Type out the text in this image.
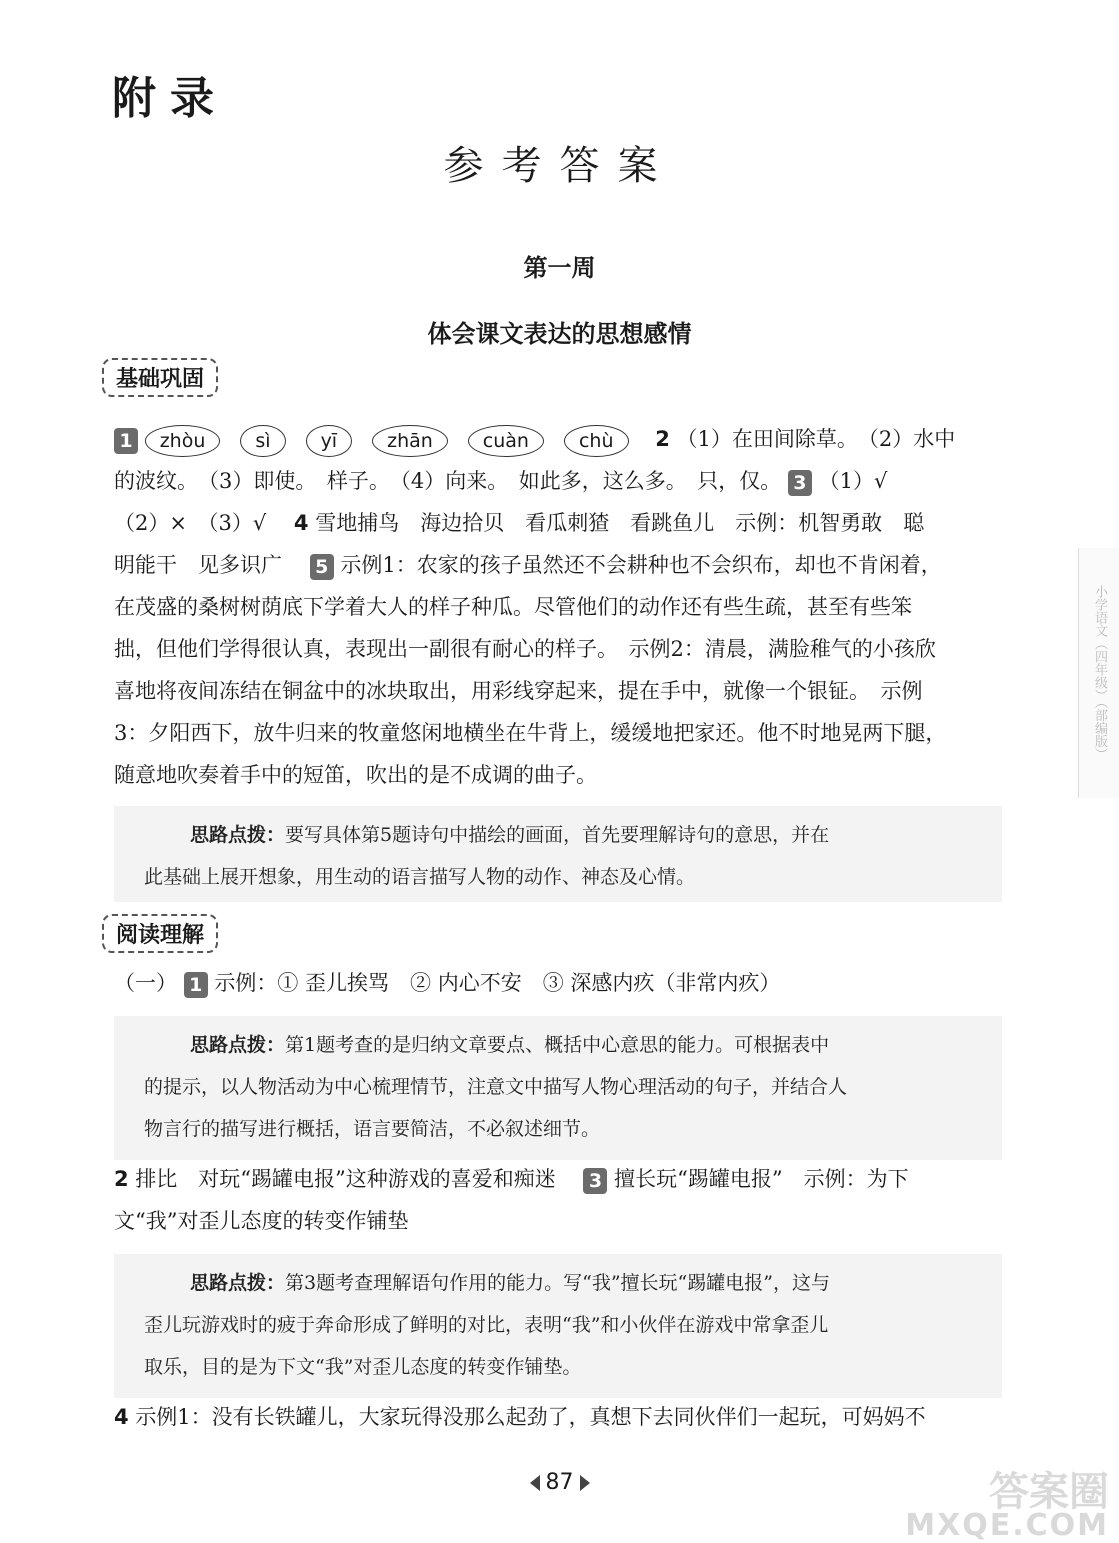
附录
参考答案
第一周
体会课文表达的思想感情
基础巩固

1 zhòu	sì	yī	zhān	cuàn	chù 2 （1）在田间除草。　（2）水中

的波纹。　（3）即使。　样子。　（4）向来。　如此多，这么多。　只，仅。 3 （1）√

（2）×　（3）√　 4 雪地捕鸟　海边拾贝　看瓜刺猹　看跳鱼儿　示例：机智勇敢　聪

明能干　见多识广　 5 示例1：农家的孩子虽然还不会耕种也不会织布，却也不肯闲着，

在茂盛的桑树树荫底下学着大人的样子种瓜。尽管他们的动作还有些生疏，甚至有些笨

拙，但他们学得很认真，表现出一副很有耐心的样子。　示例2：清晨，满脸稚气的小孩欣

喜地将夜间冻结在铜盆中的冰块取出，用彩线穿起来，提在手中，就像一个银钲。　示例

3：夕阳西下，放牛归来的牧童悠闲地横坐在牛背上，缓缓地把家还。他不时地晃两下腿，

随意地吹奏着手中的短笛，吹出的是不成调的曲子。

思路点拨：要写具体第5题诗句中描绘的画面，首先要理解诗句的意思，并在
此基础上展开想象，用生动的语言描写人物的动作、神态及心情。
阅读理解

（一） 1 示例：① 歪儿挨骂　② 内心不安　③ 深感内疚（非常内疚）

思路点拨：第1题考查的是归纳文章要点、概括中心意思的能力。可根据表中
的提示，以人物活动为中心梳理情节，注意文中描写人物心理活动的句子，并结合人
物言行的描写进行概括，语言要简洁，不必叙述细节。

2 排比　对玩“踢罐电报”这种游戏的喜爱和痴迷　 3 擅长玩“踢罐电报”　示例：为下

文“我”对歪儿态度的转变作铺垫

思路点拨：第3题考查理解语句作用的能力。写“我”擅长玩“踢罐电报”，这与
歪儿玩游戏时的疲于奔命形成了鲜明的对比，表明“我”和小伙伴在游戏中常拿歪儿
取乐，目的是为下文“我”对歪儿态度的转变作铺垫。

4 示例1：没有长铁罐儿，大家玩得没那么起劲了，真想下去同伙伴们一起玩，可妈妈不

小学语文（四年级）（部编版）
87	答案圈
MXQE.COM
